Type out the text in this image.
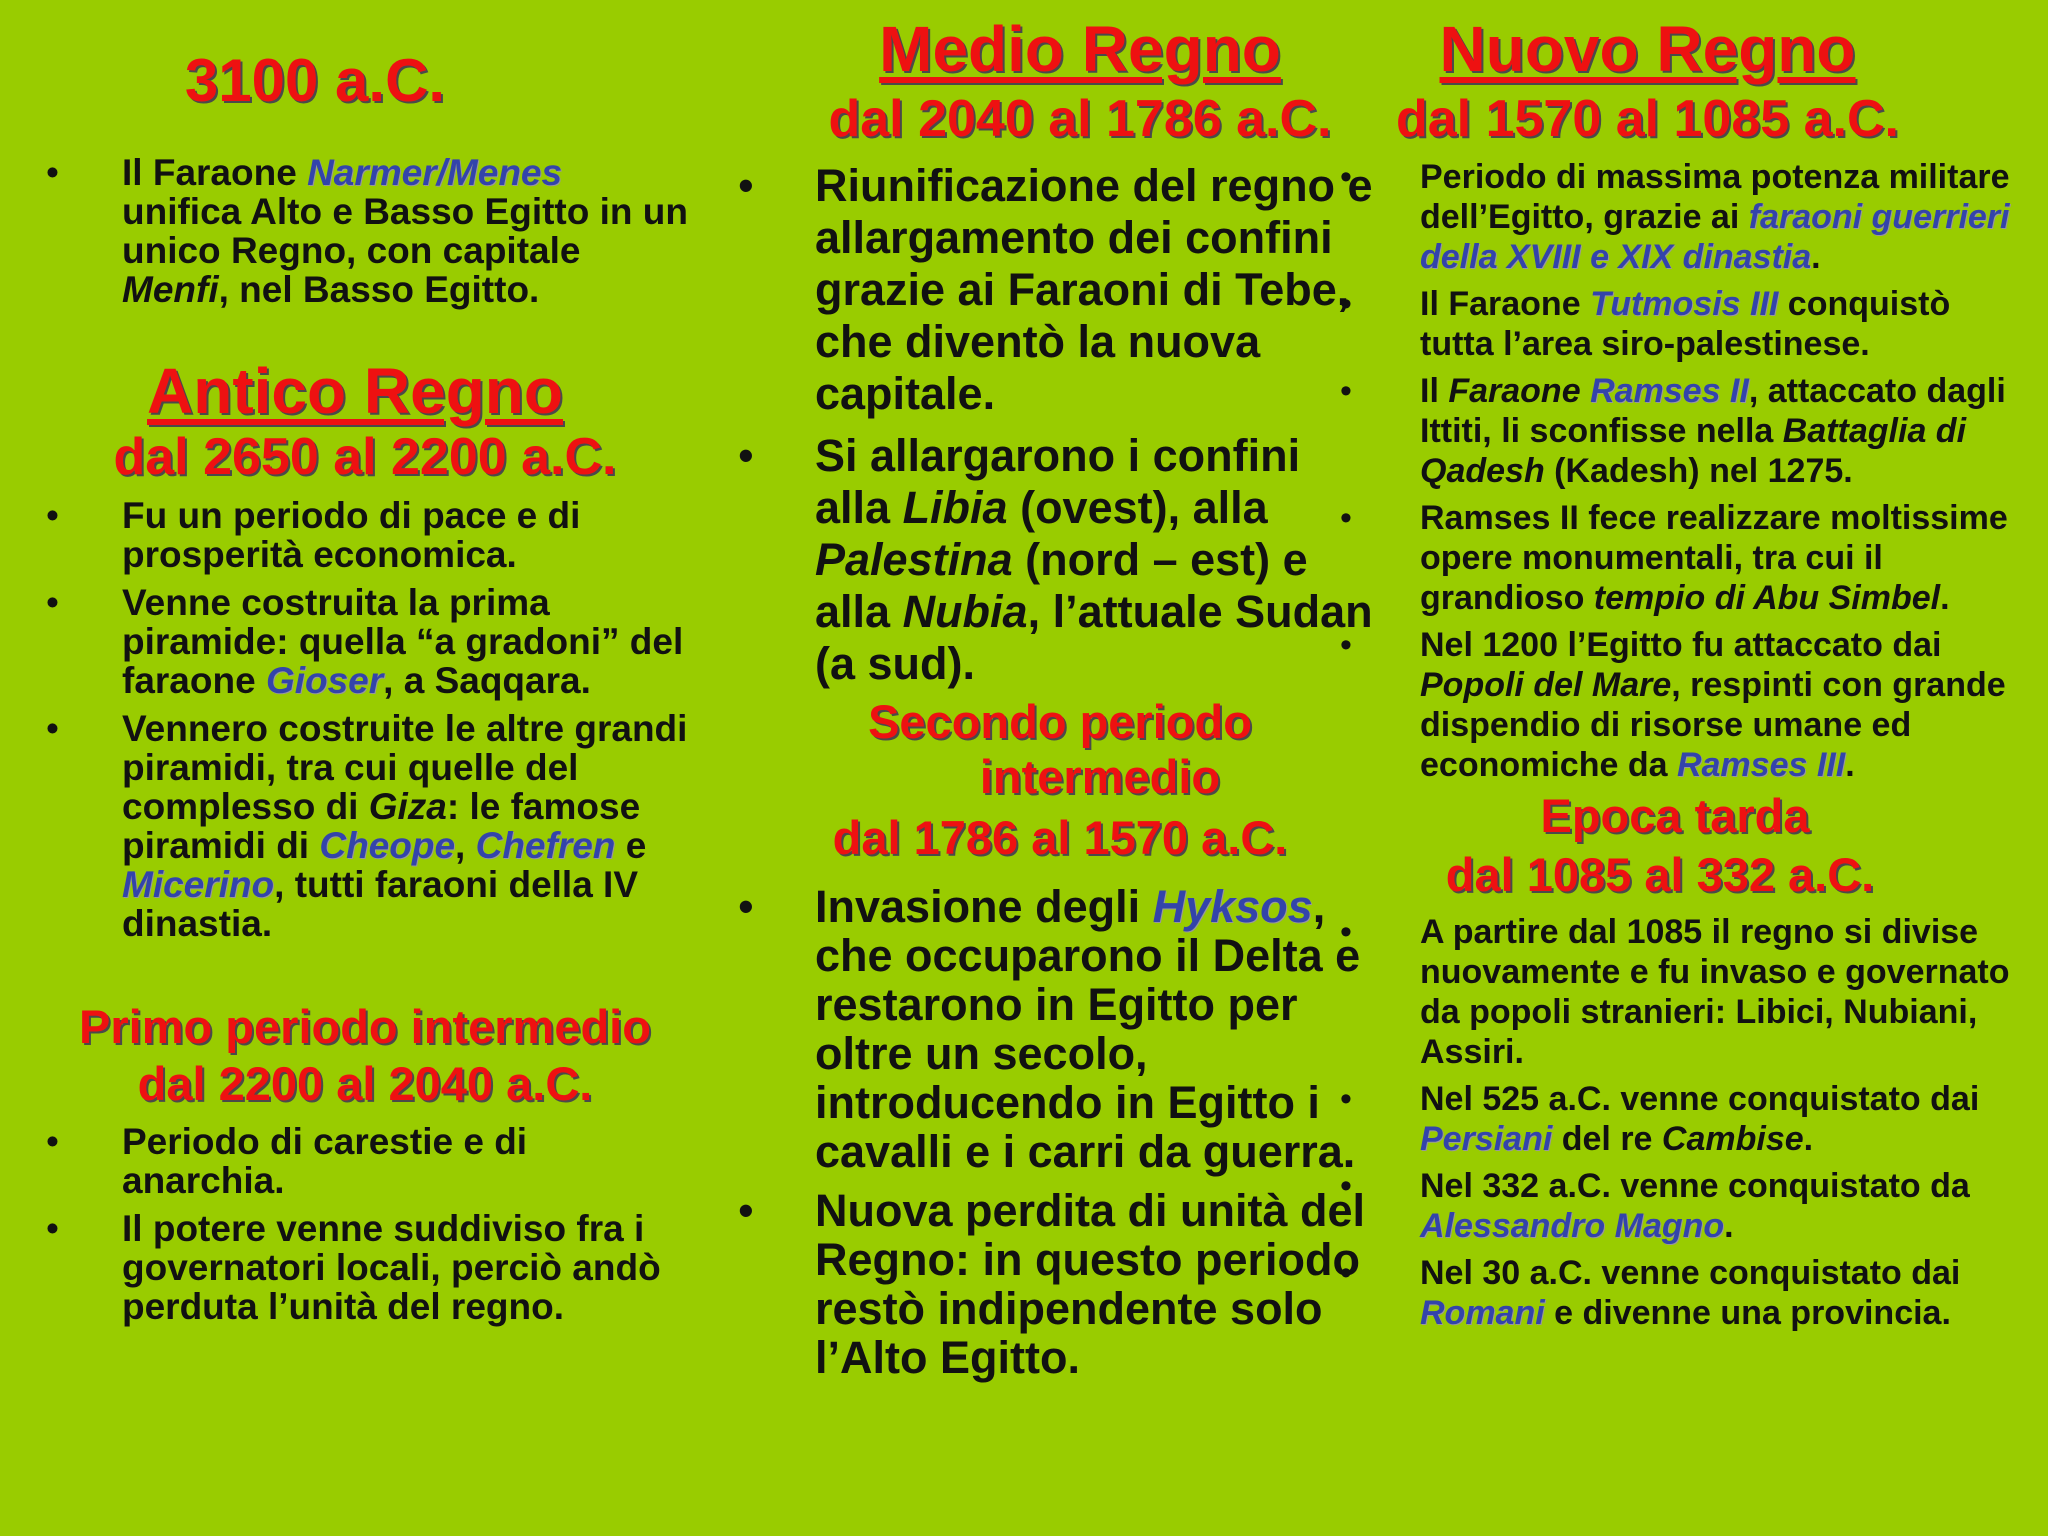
3100 a.C.
• Il Faraone Narmer/Menes unifica Alto e Basso Egitto in un unico Regno, con capitale Menfi, nel Basso Egitto.
Antico Regno
dal 2650 al 2200 a.C.
• Fu un periodo di pace e di prosperità economica.
• Venne costruita la prima piramide: quella “a gradoni” del faraone Gioser, a Saqqara.
• Vennero costruite le altre grandi piramidi, tra cui quelle del complesso di Giza: le famose piramidi di Cheope, Chefren e Micerino, tutti faraoni della IV dinastia.
Primo periodo intermedio
dal 2200 al 2040 a.C.
• Periodo di carestie e di anarchia.
• Il potere venne suddiviso fra i governatori locali, perciò andò perduta l’unità del regno.
Medio Regno
dal 2040 al 1786 a.C.
• Riunificazione del regno e allargamento dei confini grazie ai Faraoni di Tebe, che diventò la nuova capitale.
• Si allargarono i confini alla Libia (ovest), alla Palestina (nord – est) e alla Nubia, l’attuale Sudan (a sud).
Secondo periodo
intermedio
dal 1786 al 1570 a.C.
• Invasione degli Hyksos, che occuparono il Delta e restarono in Egitto per oltre un secolo, introducendo in Egitto i cavalli e i carri da guerra.
• Nuova perdita di unità del Regno: in questo periodo restò indipendente solo l’Alto Egitto.
Nuovo Regno
dal 1570 al 1085 a.C.
• Periodo di massima potenza militare dell’Egitto, grazie ai faraoni guerrieri della XVIII e XIX dinastia.
• Il Faraone Tutmosis III conquistò tutta l’area siro-palestinese.
• Il Faraone Ramses II, attaccato dagli Ittiti, li sconfisse nella Battaglia di Qadesh (Kadesh) nel 1275.
• Ramses II fece realizzare moltissime opere monumentali, tra cui il grandioso tempio di Abu Simbel.
• Nel 1200 l’Egitto fu attaccato dai Popoli del Mare, respinti con grande dispendio di risorse umane ed economiche da Ramses III.
Epoca tarda
dal 1085 al 332 a.C.
• A partire dal 1085 il regno si divise nuovamente e fu invaso e governato da popoli stranieri: Libici, Nubiani, Assiri.
• Nel 525 a.C. venne conquistato dai Persiani del re Cambise.
• Nel 332 a.C. venne conquistato da Alessandro Magno.
• Nel 30 a.C. venne conquistato dai Romani e divenne una provincia.
